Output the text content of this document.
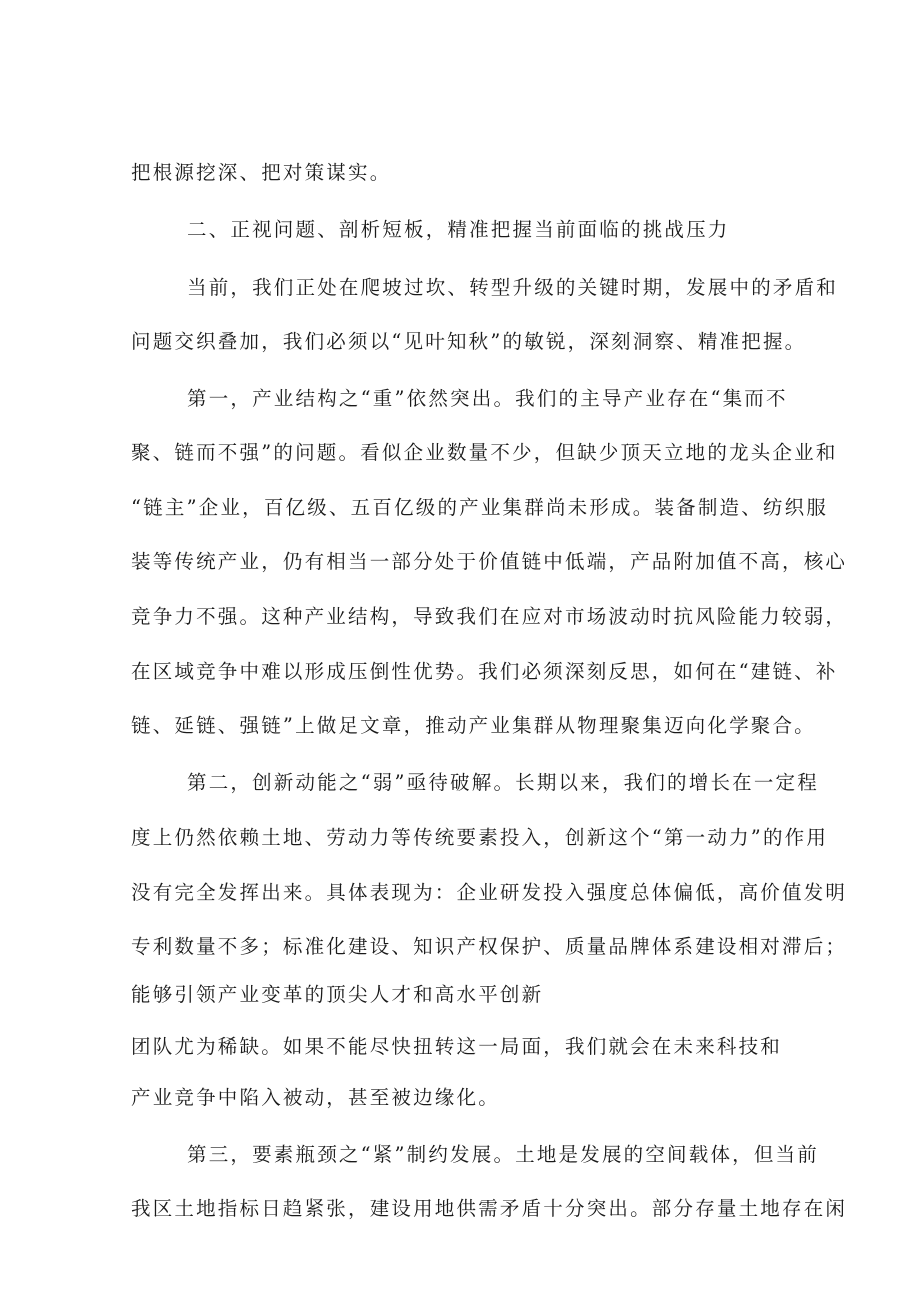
把根源挖深、把对策谋实。
二、正视问题、剖析短板，精准把握当前面临的挑战压力
当前，我们正处在爬坡过坎、转型升级的关键时期，发展中的矛盾和
问题交织叠加，我们必须以“见叶知秋”的敏锐，深刻洞察、精准把握。
第一，产业结构之“重”依然突出。我们的主导产业存在“集而不
聚、链而不强”的问题。看似企业数量不少，但缺少顶天立地的龙头企业和
“链主”企业，百亿级、五百亿级的产业集群尚未形成。装备制造、纺织服
装等传统产业，仍有相当一部分处于价值链中低端，产品附加值不高，核心
竞争力不强。这种产业结构，导致我们在应对市场波动时抗风险能力较弱，
在区域竞争中难以形成压倒性优势。我们必须深刻反思，如何在“建链、补
链、延链、强链”上做足文章，推动产业集群从物理聚集迈向化学聚合。
第二，创新动能之“弱”亟待破解。长期以来，我们的增长在一定程
度上仍然依赖土地、劳动力等传统要素投入，创新这个“第一动力”的作用
没有完全发挥出来。具体表现为：企业研发投入强度总体偏低，高价值发明
专利数量不多；标准化建设、知识产权保护、质量品牌体系建设相对滞后；
能够引领产业变革的顶尖人才和高水平创新
团队尤为稀缺。如果不能尽快扭转这一局面，我们就会在未来科技和
产业竞争中陷入被动，甚至被边缘化。
第三，要素瓶颈之“紧”制约发展。土地是发展的空间载体，但当前
我区土地指标日趋紧张，建设用地供需矛盾十分突出。部分存量土地存在闲
